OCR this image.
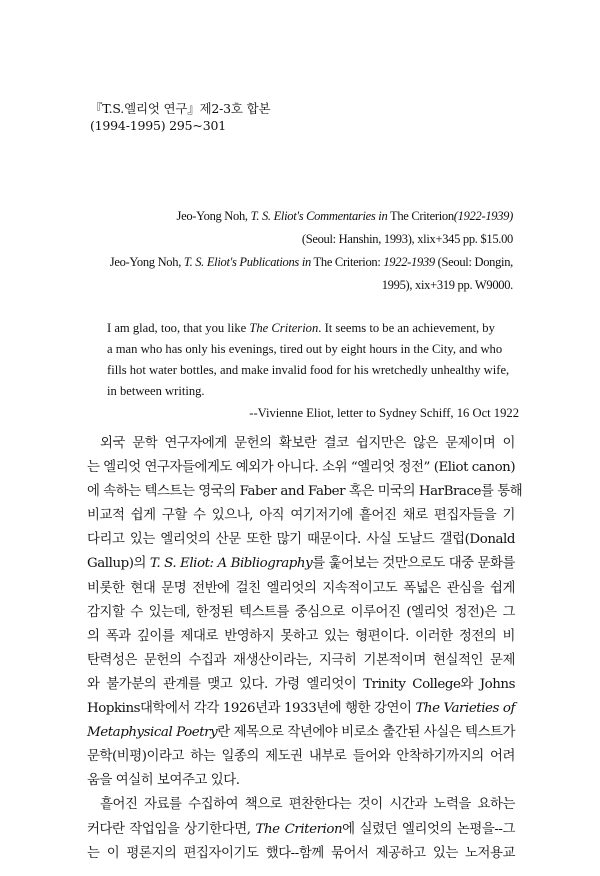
『T.S.엘리엇 연구』제2-3호 합본
(1994-1995) 295~301
Jeo-Yong Noh, T. S. Eliot's Commentaries in The Criterion(1922-1939)
(Seoul: Hanshin, 1993), xlix+345 pp. $15.00
Jeo-Yong Noh, T. S. Eliot's Publications in The Criterion: 1922-1939 (Seoul: Dongin,
1995), xix+319 pp. W9000.
I am glad, too, that you like The Criterion. It seems to be an achievement, by
a man who has only his evenings, tired out by eight hours in the City, and who
fills hot water bottles, and make invalid food for his wretchedly unhealthy wife,
in between writing.
--Vivienne Eliot, letter to Sydney Schiff, 16 Oct 1922
외국 문학 연구자에게 문헌의 확보란 결코 쉽지만은 않은 문제이며 이
는 엘리엇 연구자들에게도 예외가 아니다. 소위 “엘리엇 정전” (Eliot canon)
에 속하는 텍스트는 영국의 Faber and Faber 혹은 미국의 HarBrace를 통해
비교적 쉽게 구할 수 있으나, 아직 여기저기에 흩어진 채로 편집자들을 기
다리고 있는 엘리엇의 산문 또한 많기 때문이다. 사실 도날드 갤럽(Donald
Gallup)의 T. S. Eliot: A Bibliography를 훑어보는 것만으로도 대중 문화를
비롯한 현대 문명 전반에 걸친 엘리엇의 지속적이고도 폭넓은 관심을 쉽게
감지할 수 있는데, 한정된 텍스트를 중심으로 이루어진 (엘리엇 정전)은 그
의 폭과 깊이를 제대로 반영하지 못하고 있는 형편이다. 이러한 정전의 비
탄력성은 문헌의 수집과 재생산이라는, 지극히 기본적이며 현실적인 문제
와 불가분의 관계를 맺고 있다. 가령 엘리엇이 Trinity College와 Johns
Hopkins대학에서 각각 1926년과 1933년에 행한 강연이 The Varieties of
Metaphysical Poetry란 제목으로 작년에야 비로소 출간된 사실은 텍스트가
문학(비평)이라고 하는 일종의 제도권 내부로 들어와 안착하기까지의 어려
움을 여실히 보여주고 있다.
흩어진 자료를 수집하여 책으로 편찬한다는 것이 시간과 노력을 요하는
커다란 작업임을 상기한다면, The Criterion에 실렸던 엘리엇의 논평을--그
는 이 평론지의 편집자이기도 했다--함께 묶어서 제공하고 있는 노저용교
